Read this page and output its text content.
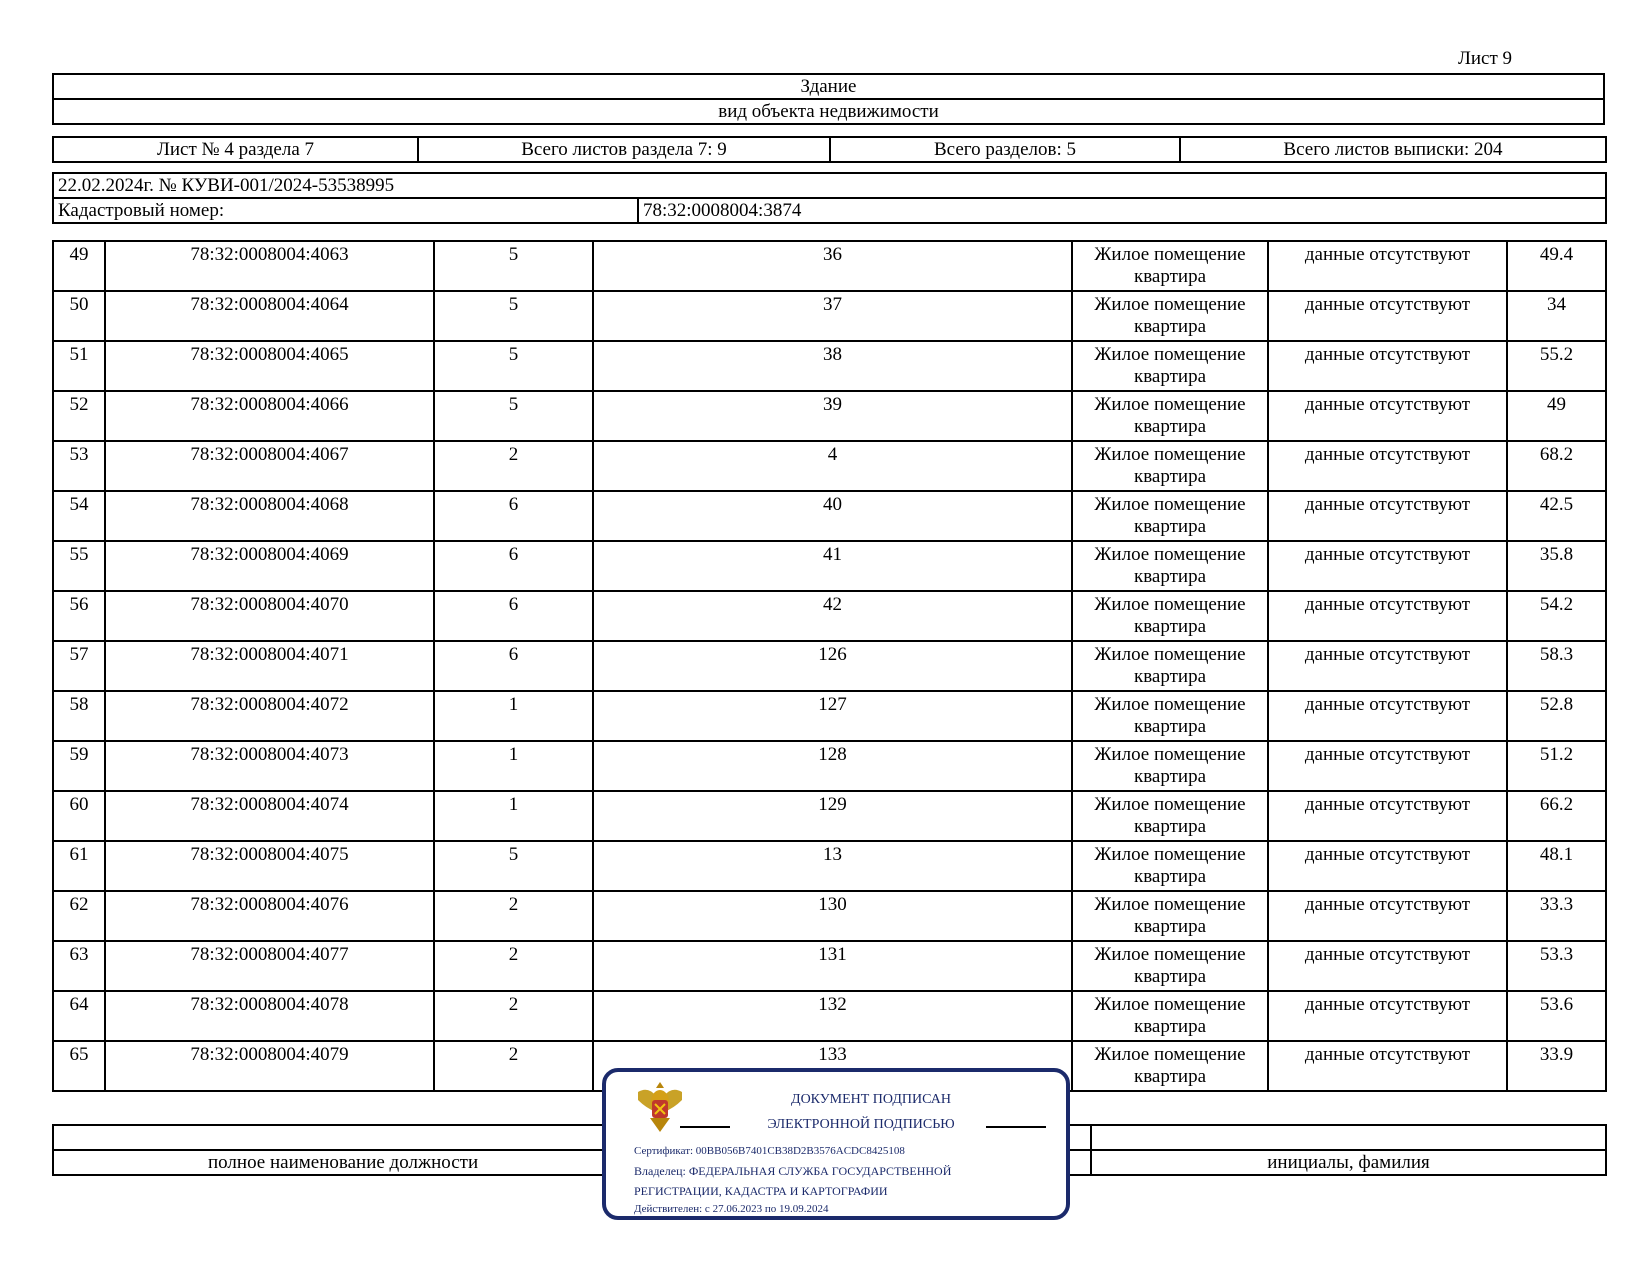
Лист 9
Здание
вид объекта недвижимости
Лист № 4 раздела 7	Всего листов раздела 7: 9	Всего разделов: 5	Всего листов выписки: 204
22.02.2024г. № КУВИ-001/2024-53538995
Кадастровый номер:	78:32:0008004:3874
49	78:32:0008004:4063	5	36	Жилое помещение квартира	данные отсутствуют	49.4
50	78:32:0008004:4064	5	37	Жилое помещение квартира	данные отсутствуют	34
51	78:32:0008004:4065	5	38	Жилое помещение квартира	данные отсутствуют	55.2
52	78:32:0008004:4066	5	39	Жилое помещение квартира	данные отсутствуют	49
53	78:32:0008004:4067	2	4	Жилое помещение квартира	данные отсутствуют	68.2
54	78:32:0008004:4068	6	40	Жилое помещение квартира	данные отсутствуют	42.5
55	78:32:0008004:4069	6	41	Жилое помещение квартира	данные отсутствуют	35.8
56	78:32:0008004:4070	6	42	Жилое помещение квартира	данные отсутствуют	54.2
57	78:32:0008004:4071	6	126	Жилое помещение квартира	данные отсутствуют	58.3
58	78:32:0008004:4072	1	127	Жилое помещение квартира	данные отсутствуют	52.8
59	78:32:0008004:4073	1	128	Жилое помещение квартира	данные отсутствуют	51.2
60	78:32:0008004:4074	1	129	Жилое помещение квартира	данные отсутствуют	66.2
61	78:32:0008004:4075	5	13	Жилое помещение квартира	данные отсутствуют	48.1
62	78:32:0008004:4076	2	130	Жилое помещение квартира	данные отсутствуют	33.3
63	78:32:0008004:4077	2	131	Жилое помещение квартира	данные отсутствуют	53.3
64	78:32:0008004:4078	2	132	Жилое помещение квартира	данные отсутствуют	53.6
65	78:32:0008004:4079	2	133	Жилое помещение квартира	данные отсутствуют	33.9

полное наименование должности	инициалы, фамилия
ДОКУМЕНТ ПОДПИСАН
ЭЛЕКТРОННОЙ ПОДПИСЬЮ
Сертификат: 00BB056B7401CB38D2B3576ACDC8425108
Владелец: ФЕДЕРАЛЬНАЯ СЛУЖБА ГОСУДАРСТВЕННОЙ
РЕГИСТРАЦИИ, КАДАСТРА И КАРТОГРАФИИ
Действителен: с 27.06.2023 по 19.09.2024
